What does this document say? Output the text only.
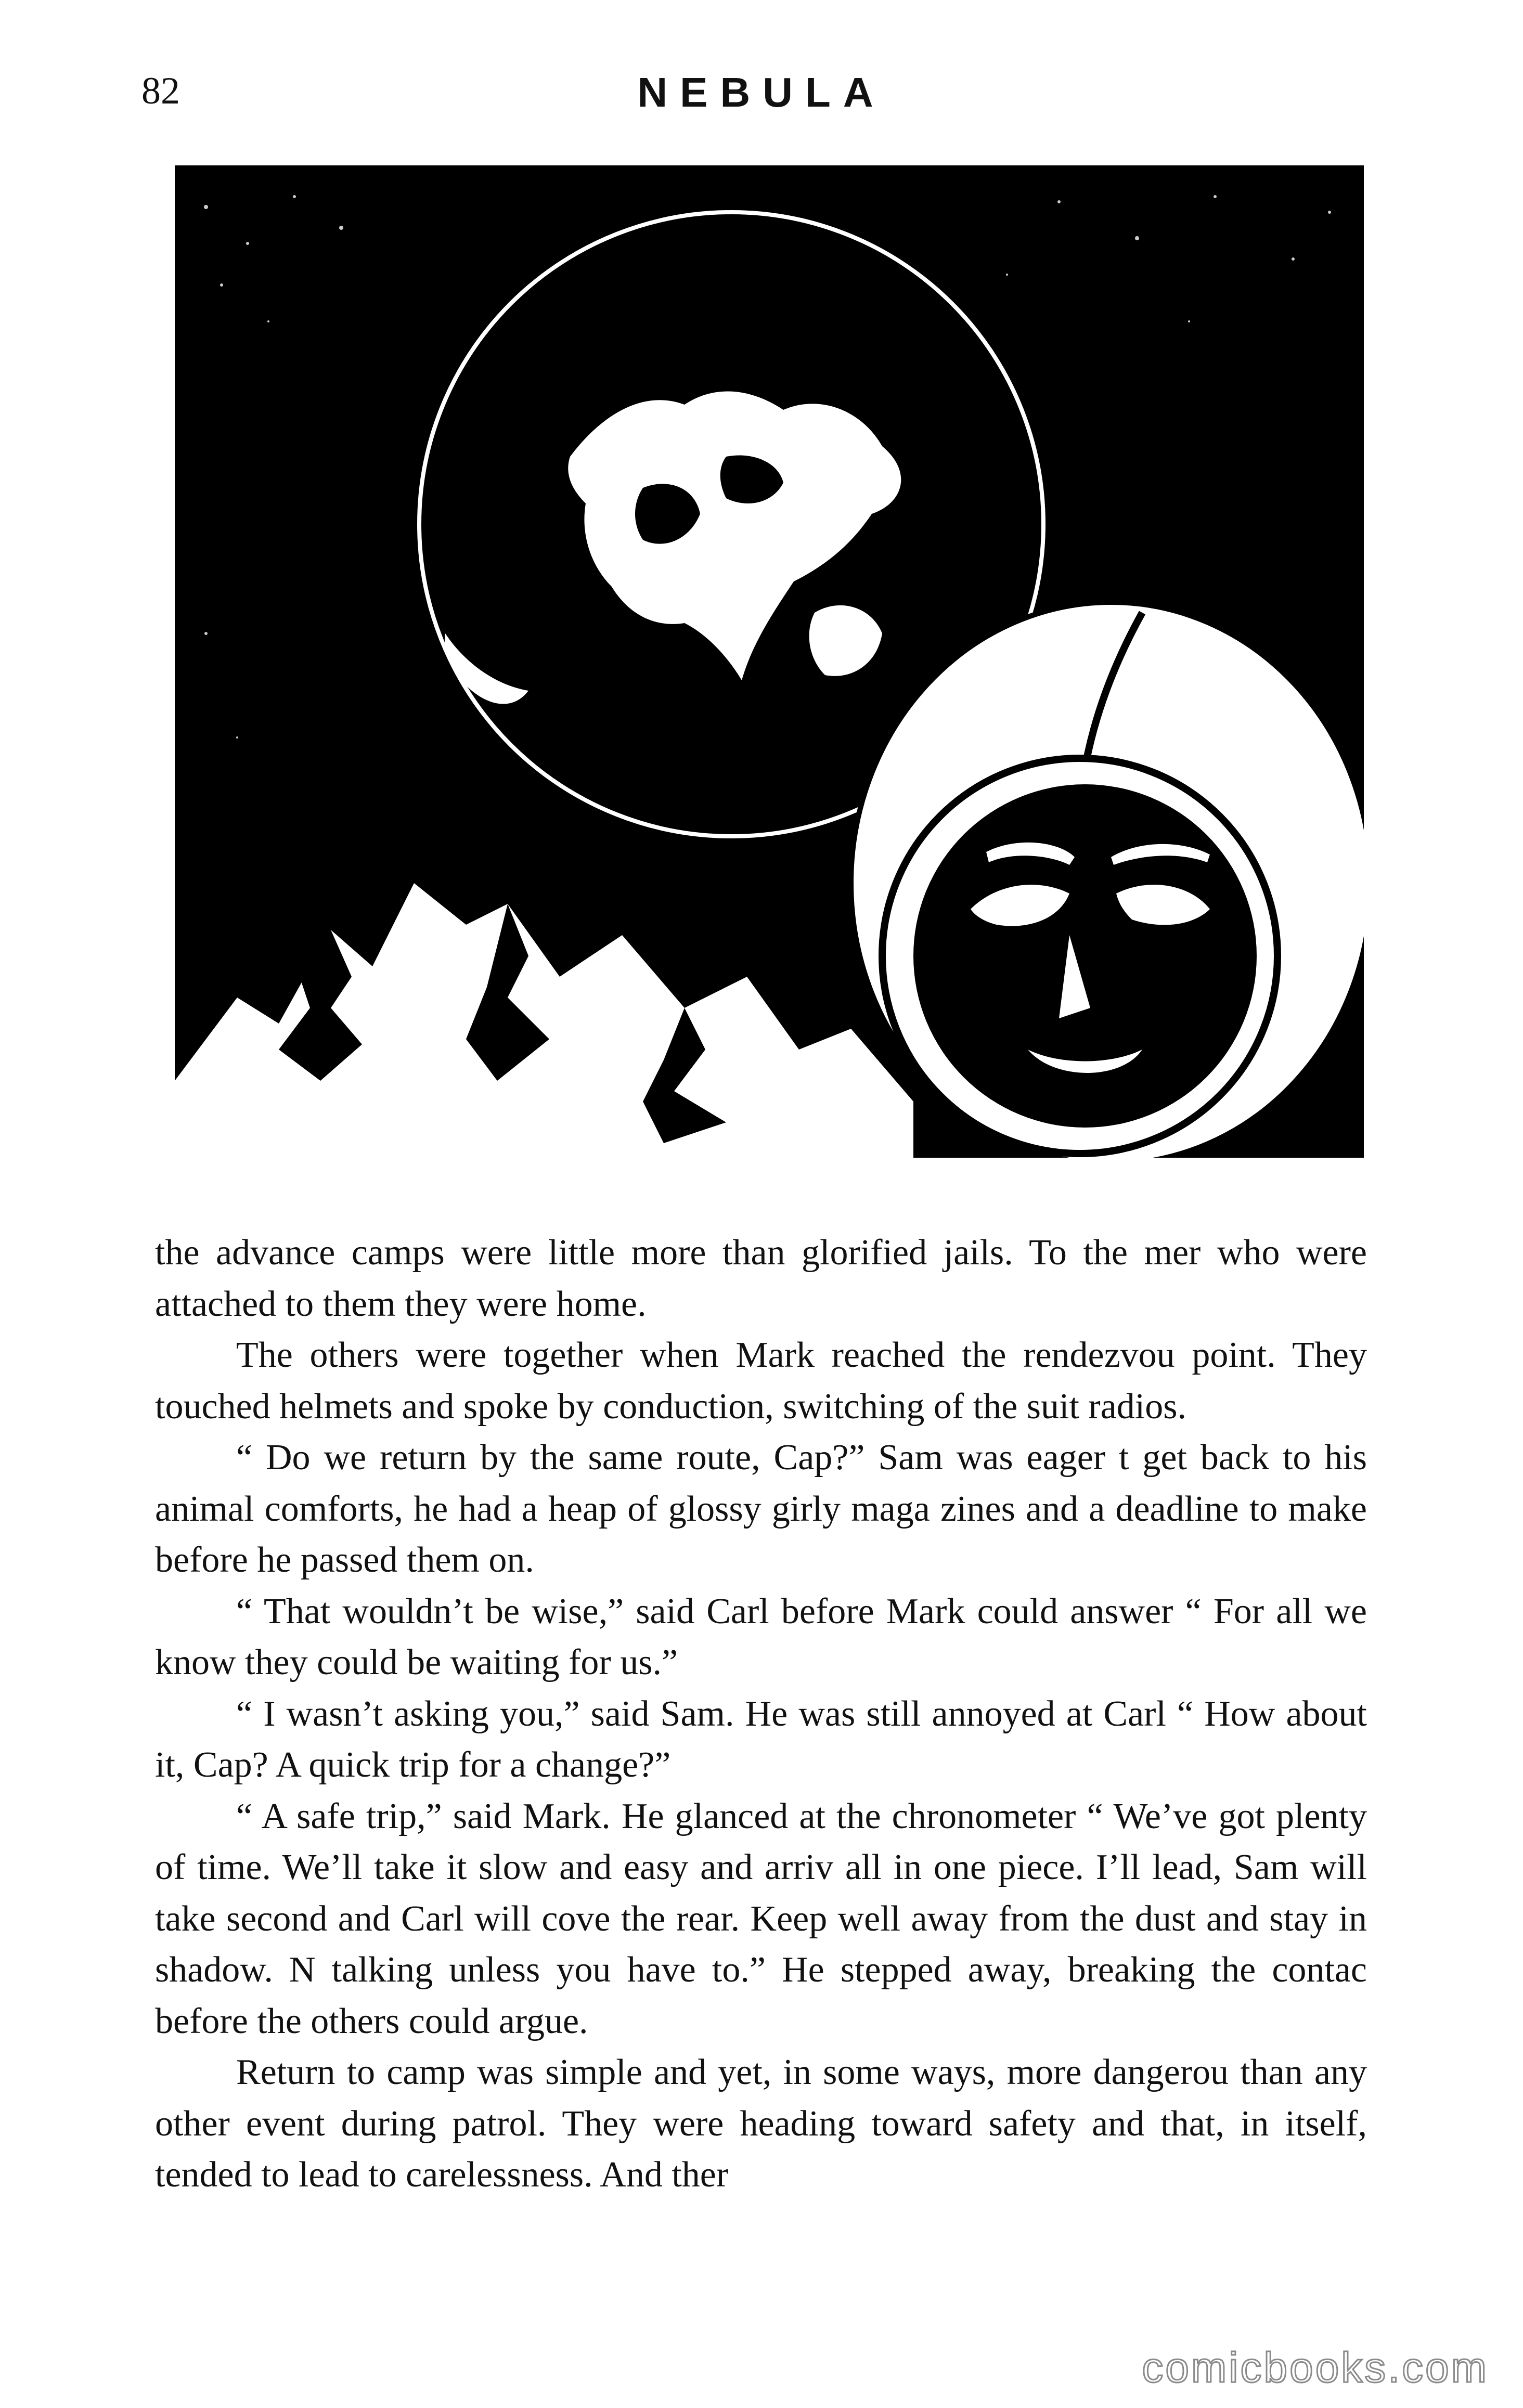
82	NEBULA

the advance camps were little more than glorified jails. To the mer who were attached to them they were home.

The others were together when Mark reached the rendezvou point. They touched helmets and spoke by conduction, switching of the suit radios.

“ Do we return by the same route, Cap?” Sam was eager t get back to his animal comforts, he had a heap of glossy girly maga zines and a deadline to make before he passed them on.

“ That wouldn’t be wise,” said Carl before Mark could answer “ For all we know they could be waiting for us.”

“ I wasn’t asking you,” said Sam. He was still annoyed at Carl “ How about it, Cap? A quick trip for a change?”

“ A safe trip,” said Mark. He glanced at the chronometer “ We’ve got plenty of time. We’ll take it slow and easy and arriv all in one piece. I’ll lead, Sam will take second and Carl will cove the rear. Keep well away from the dust and stay in shadow. N talking unless you have to.” He stepped away, breaking the contac before the others could argue.

Return to camp was simple and yet, in some ways, more dangerou than any other event during patrol. They were heading toward safety and that, in itself, tended to lead to carelessness. And ther

comicbooks.com
